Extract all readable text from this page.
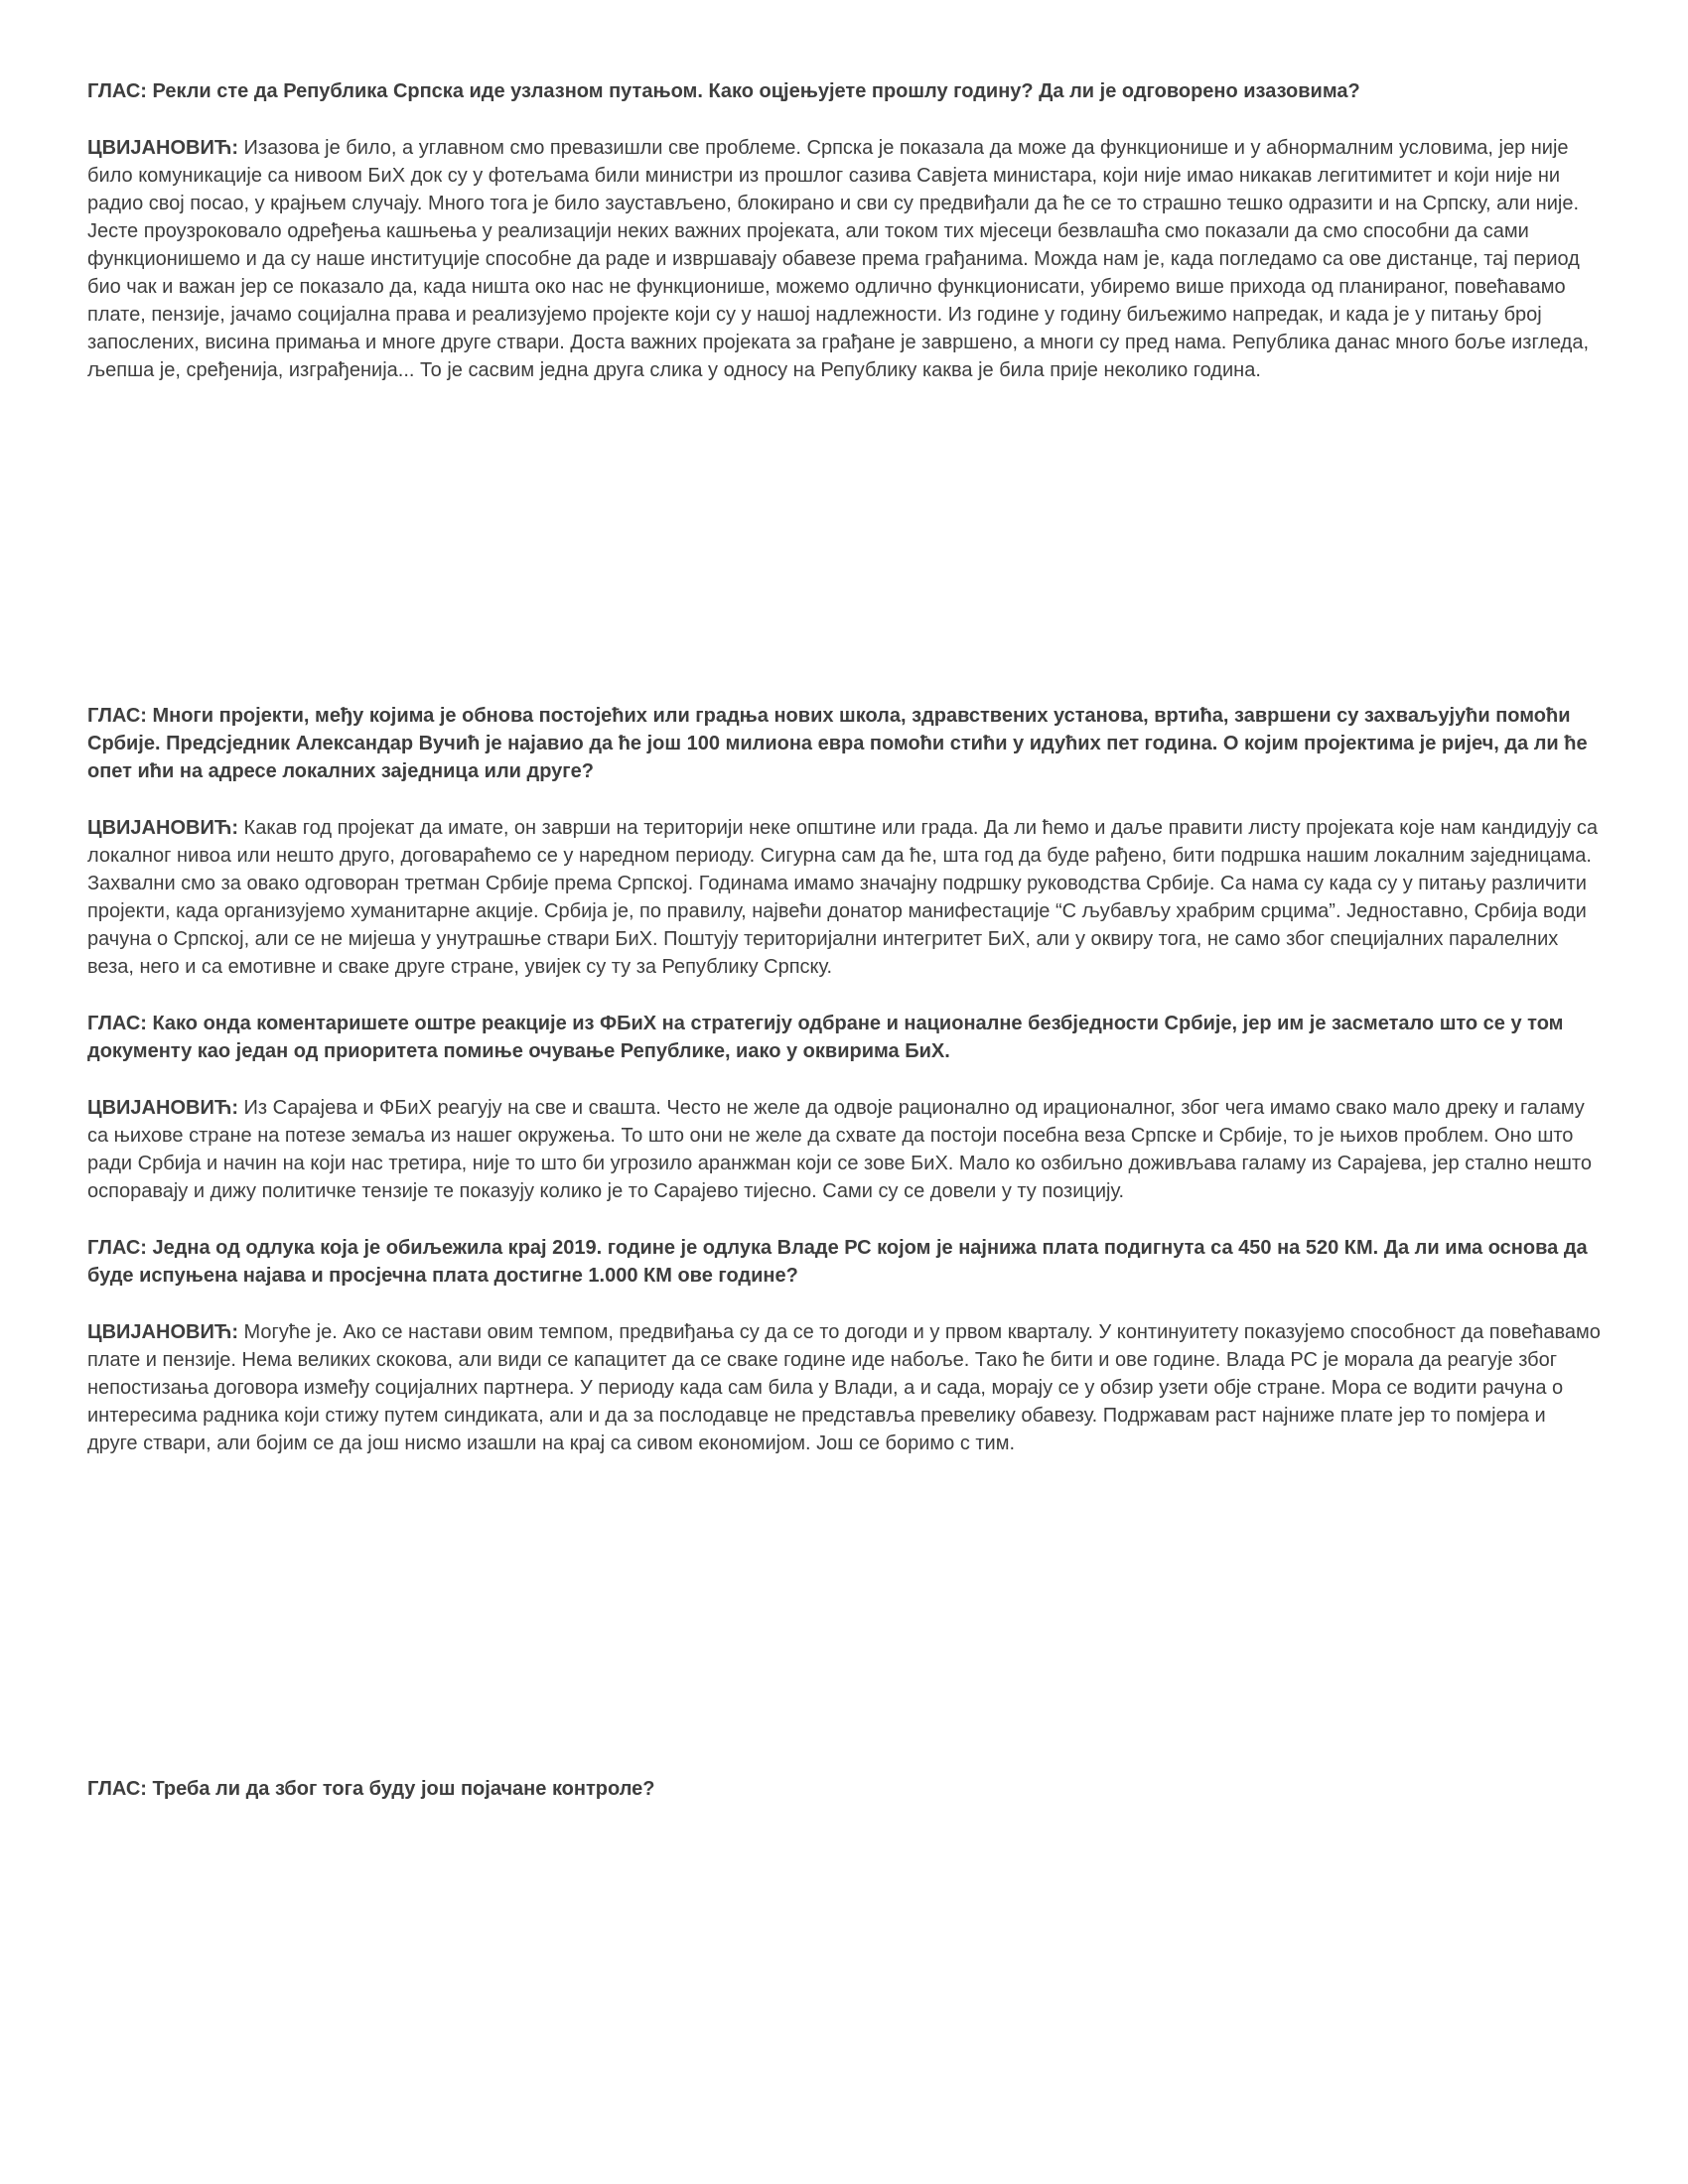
ГЛАС: Рекли сте да Република Српска иде узлазном путањом. Како оцјењујете прошлу годину? Да ли је одговорено изазовима?

ЦВИЈАНОВИЋ: Изазова је било, а углавном смо превазишли све проблеме. Српска је показала да може да функционише и у абнормалним условима, јер није било комуникације са нивоом БиХ док су у фотељама били министри из прошлог сазива Савјета министара, који није имао никакав легитимитет и који није ни радио свој посао, у крајњем случају. Много тога је било заустављено, блокирано и сви су предвиђали да ће се то страшно тешко одразити и на Српску, али није. Јесте проузроковало одређења кашњења у реализацији неких важних пројеката, али током тих мјесеци безвлашћа смо показали да смо способни да сами функционишемо и да су наше институције способне да раде и извршавају обавезе према грађанима. Можда нам је, када погледамо са ове дистанце, тај период био чак и важан јер се показало да, када ништа око нас не функционише, можемо одлично функционисати, убиремо више прихода од планираног, повећавамо плате, пензије, јачамо социјална права и реализујемо пројекте који су у нашој надлежности. Из године у годину биљежимо напредак, и када је у питању број запослених, висина примања и многе друге ствари. Доста важних пројеката за грађане је завршено, а многи су пред нама. Република данас много боље изгледа, љепша је, сређенија, изграђенија... То је сасвим једна друга слика у односу на Републику каква је била прије неколико година.

ГЛАС: Многи пројекти, међу којима је обнова постојећих или градња нових школа, здравствених установа, вртића, завршени су захваљујући помоћи Србије. Предсједник Александар Вучић је најавио да ће још 100 милиона евра помоћи стићи у идућих пет година. О којим пројектима је ријеч, да ли ће опет ићи на адресе локалних заједница или друге?

ЦВИЈАНОВИЋ: Какав год пројекат да имате, он заврши на територији неке општине или града. Да ли ћемо и даље правити листу пројеката које нам кандидују са локалног нивоа или нешто друго, договараћемо се у наредном периоду. Сигурна сам да ће, шта год да буде рађено, бити подршка нашим локалним заједницама. Захвални смо за овако одговоран третман Србије према Српској. Годинама имамо значајну подршку руководства Србије. Са нама су када су у питању различити пројекти, када организујемо хуманитарне акције. Србија је, по правилу, највећи донатор манифестације “С љубављу храбрим срцима”. Једноставно, Србија води рачуна о Српској, али се не мијеша у унутрашње ствари БиХ. Поштују територијални интегритет БиХ, али у оквиру тога, не само због специјалних паралелних веза, него и са емотивне и сваке друге стране, увијек су ту за Републику Српску.

ГЛАС: Како онда коментаришете оштре реакције из ФБиХ на стратегију одбране и националне безбједности Србије, јер им је засметало што се у том документу као један од приоритета помиње очување Републике, иако у оквирима БиХ.

ЦВИЈАНОВИЋ: Из Сарајева и ФБиХ реагују на све и свашта. Често не желе да одвоје рационално од ирационалног, због чега имамо свако мало дреку и галаму са њихове стране на потезе земаља из нашег окружења. То што они не желе да схвате да постоји посебна веза Српске и Србије, то је њихов проблем. Оно што ради Србија и начин на који нас третира, није то што би угрозило аранжман који се зове БиХ. Мало ко озбиљно доживљава галаму из Сарајева, јер стално нешто оспоравају и дижу политичке тензије те показују колико је то Сарајево тијесно. Сами су се довели у ту позицију.

ГЛАС: Једна од одлука која је обиљежила крај 2019. године је одлука Владе РС којом је најнижа плата подигнута са 450 на 520 КМ. Да ли има основа да буде испуњена најава и просјечна плата достигне 1.000 КМ ове године?

ЦВИЈАНОВИЋ: Могуће је. Ако се настави овим темпом, предвиђања су да се то догоди и у првом кварталу. У континуитету показујемо способност да повећавамо плате и пензије. Нема великих скокова, али види се капацитет да се сваке године иде набоље. Тако ће бити и ове године. Влада РС је морала да реагује због непостизања договора између социјалних партнера. У периоду када сам била у Влади, а и сада, морају се у обзир узети обје стране. Мора се водити рачуна о интересима радника који стижу путем синдиката, али и да за послодавце не представља превелику обавезу. Подржавам раст најниже плате јер то помјера и друге ствари, али бојим се да још нисмо изашли на крај са сивом економијом. Још се боримо с тим.

ГЛАС: Треба ли да због тога буду још појачане контроле?
